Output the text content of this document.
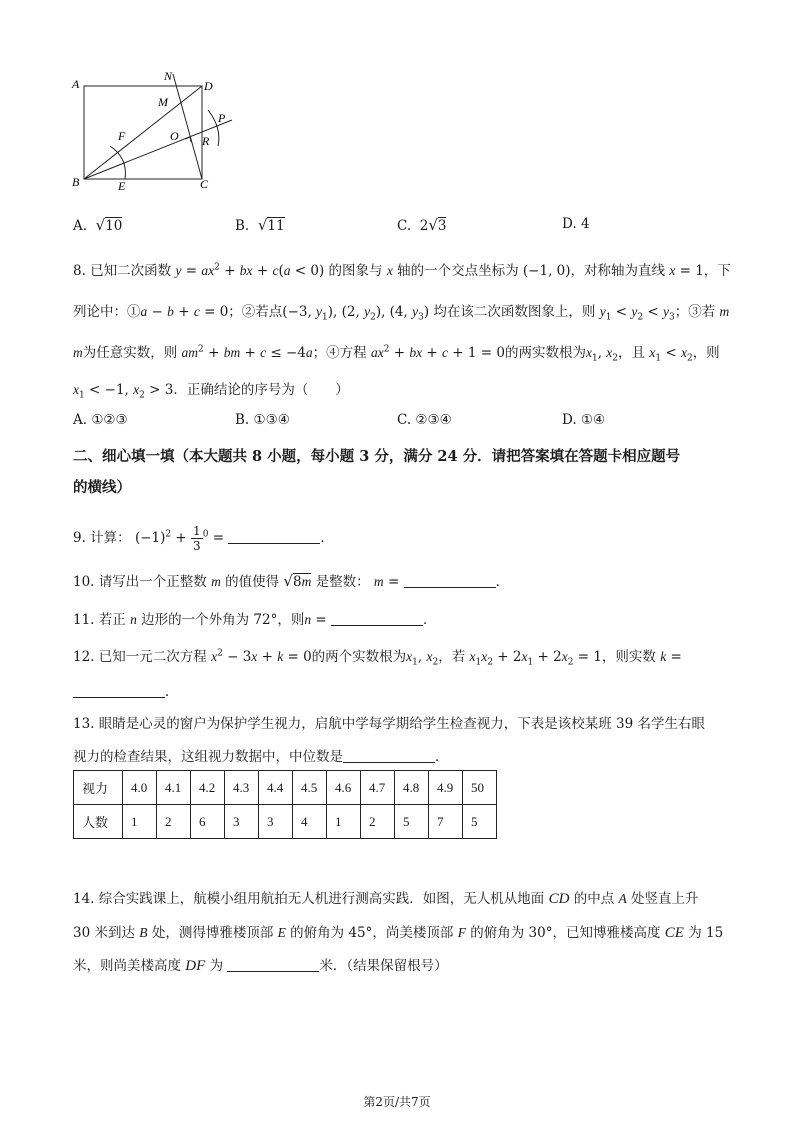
A
N
D
M
P
F	O R
B	E	C
A. √10	B. √11	C. 2√3	D. 4
8. 已知二次函数 $y = ax^2$ + bx + c(a < 0) 的图象与 x 轴的一个交点坐标为 (−1, 0)，对称轴为直线 x = 1，下
列论中：①a − b + c = 0；②若点(−3, $y_1$), (2, $y_2$), (4, $y_3$) 均在该二次函数图象上，则 $y_1 < y_2 < y_3$；③若 m
m为任意实数，则 $am^2$ + bm + c ≤ −4a；④方程 $ax^2$ + bx + c + 1 = 0的两实数根为$x_1$, $x_2$，且 $x_1 < x_2$，则
$x_1 < -1$, $x_2 > 3$．正确结论的序号为（　　）
A. ①②③	B. ①③④	C. ②③④	D. ①④
二、细心填一填（本大题共 8 小题，每小题 3 分，满分 24 分．请把答案填在答题卡相应题号
的横线）
9. 计算： $(-1)^2 + \frac{1}{3} ^0$ =	．
10. 请写出一个正整数 m 的值使得 √8m 是整数： m =	．
11. 若正 n 边形的一个外角为 72°，则n =	．
12. 已知一元二次方程 $x^2 - 3x + k = 0$的两个实数根为$x_1$, $x_2$，若 $x_1x_2 + 2x_1 + 2x_2 = 1$，则实数 k =
．
13. 眼睛是心灵的窗户为保护学生视力，启航中学每学期给学生检查视力，下表是该校某班 39 名学生右眼
视力的检查结果，这组视力数据中，中位数是	．
视力	4.0	4.1	4.2	4.3	4.4	4.5	4.6	4.7	4.8	4.9	50
人数	1	2	6	3	3	4	1	2	5	7	5
14. 综合实践课上，航模小组用航拍无人机进行测高实践．如图，无人机从地面 CD 的中点 A 处竖直上升
30 米到达 B 处，测得博雅楼顶部 E 的俯角为 45°，尚美楼顶部 F 的俯角为 30°，已知博雅楼高度 CE 为 15
米，则尚美楼高度 DF 为	米．（结果保留根号）
第2页/共7页
